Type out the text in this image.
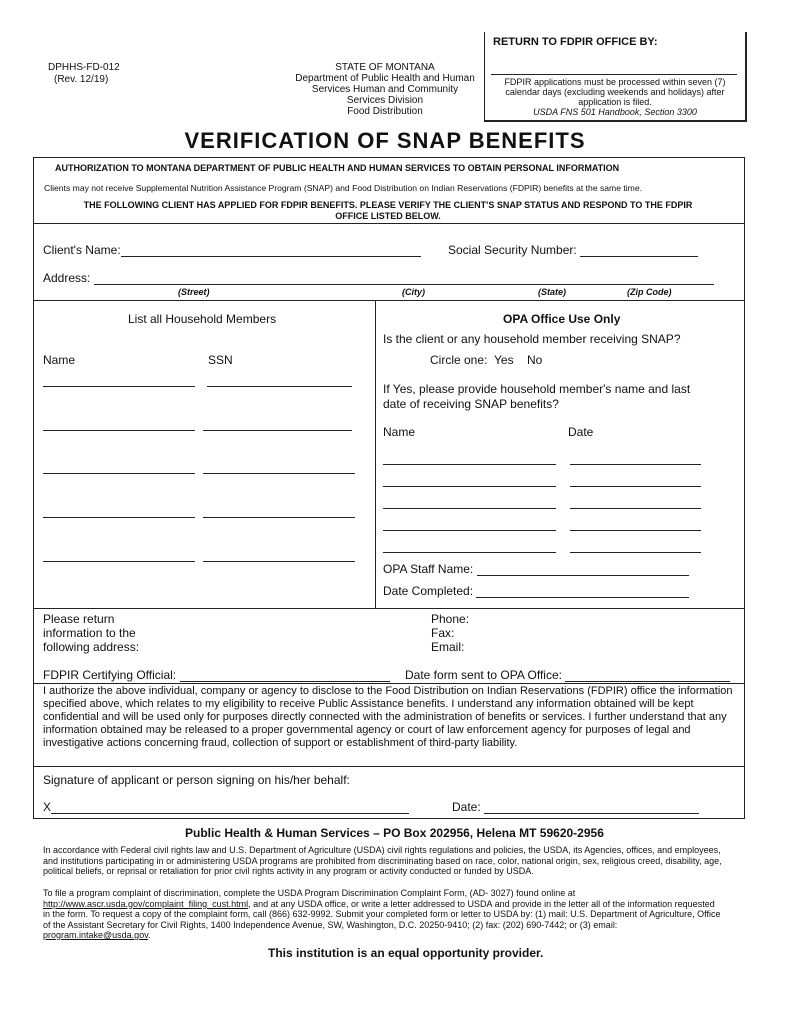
DPHHS-FD-012
(Rev. 12/19)
STATE OF MONTANA
Department of Public Health and Human
Services Human and Community
Services Division
Food Distribution
RETURN TO FDPIR OFFICE BY:
FDPIR applications must be processed within seven (7)
calendar days (excluding weekends and holidays) after
application is filed.
USDA FNS 501 Handbook, Section 3300
VERIFICATION OF SNAP BENEFITS
AUTHORIZATION TO MONTANA DEPARTMENT OF PUBLIC HEALTH AND HUMAN SERVICES TO OBTAIN PERSONAL INFORMATION
Clients may not receive Supplemental Nutrition Assistance Program (SNAP) and Food Distribution on Indian Reservations (FDPIR) benefits at the same time.
THE FOLLOWING CLIENT HAS APPLIED FOR FDPIR BENEFITS. PLEASE VERIFY THE CLIENT'S SNAP STATUS AND RESPOND TO THE FDPIR
OFFICE LISTED BELOW.
Client's Name:	Social Security Number:
Address:
(Street)	(City)	(State)	(Zip Code)
List all Household Members
Name	SSN
OPA Office Use Only
Is the client or any household member receiving SNAP?
Circle one: Yes No
If Yes, please provide household member's name and last
date of receiving SNAP benefits?
Name	Date
OPA Staff Name:
Date Completed:
Please return
information to the
following address:
Phone:
Fax:
Email:
FDPIR Certifying Official:	Date form sent to OPA Office:
I authorize the above individual, company or agency to disclose to the Food Distribution on Indian Reservations (FDPIR) office the information specified above, which relates to my eligibility to receive Public Assistance benefits. I understand any information obtained will be kept confidential and will be used only for purposes directly connected with the administration of benefits or services. I further understand that any information obtained may be released to a proper governmental agency or court of law enforcement agency for purposes of legal and investigative actions concerning fraud, collection of support or establishment of third-party liability.
Signature of applicant or person signing on his/her behalf:
X	Date:
Public Health & Human Services – PO Box 202956, Helena MT 59620-2956
In accordance with Federal civil rights law and U.S. Department of Agriculture (USDA) civil rights regulations and policies, the USDA, its Agencies, offices, and employees, and institutions participating in or administering USDA programs are prohibited from discriminating based on race, color, national origin, sex, religious creed, disability, age, political beliefs, or reprisal or retaliation for prior civil rights activity in any program or activity conducted or funded by USDA.
To file a program complaint of discrimination, complete the USDA Program Discrimination Complaint Form, (AD- 3027) found online at http://www.ascr.usda.gov/complaint_filing_cust.html, and at any USDA office, or write a letter addressed to USDA and provide in the letter all of the information requested in the form. To request a copy of the complaint form, call (866) 632-9992. Submit your completed form or letter to USDA by: (1) mail: U.S. Department of Agriculture, Office of the Assistant Secretary for Civil Rights, 1400 Independence Avenue, SW, Washington, D.C. 20250-9410; (2) fax: (202) 690-7442; or (3) email: program.intake@usda.gov.
This institution is an equal opportunity provider.
